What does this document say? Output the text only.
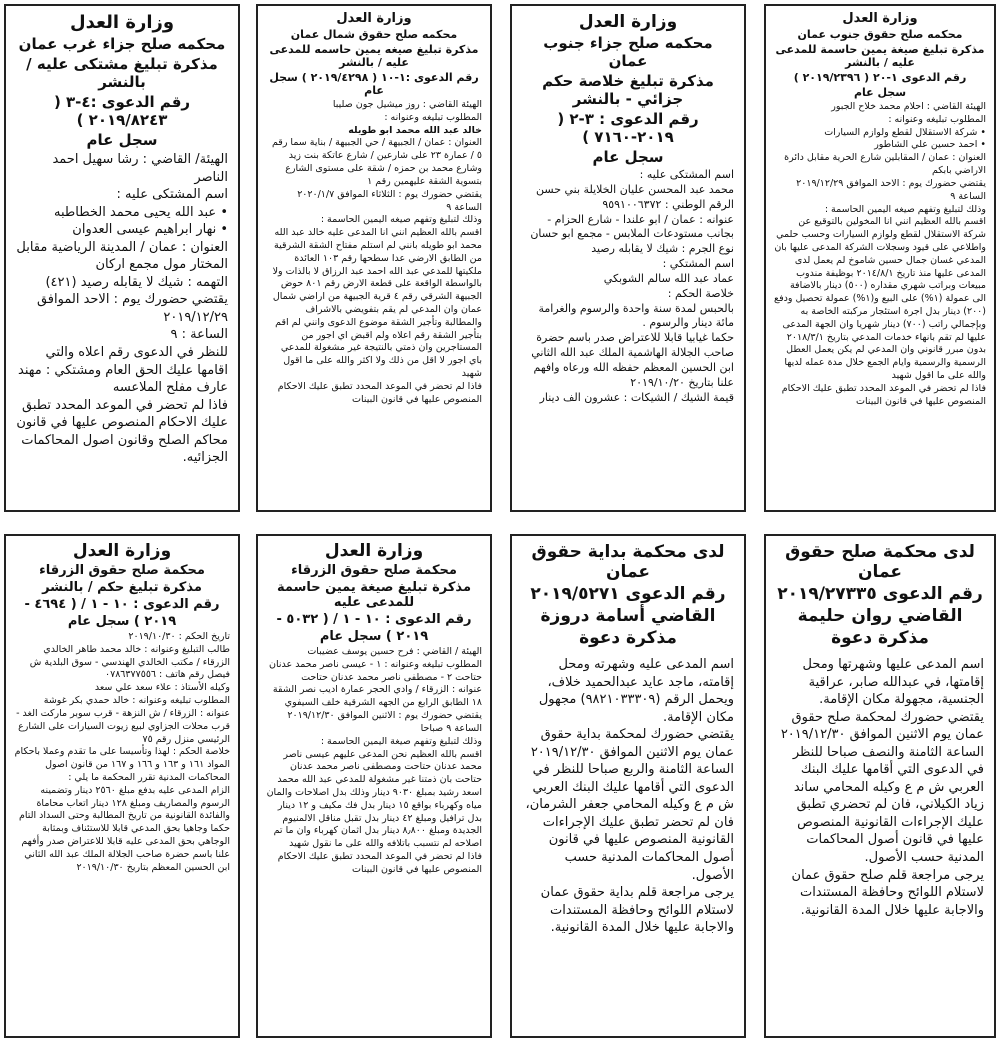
وزارة العدل
محكمه صلح جزاء غرب عمان
مذكرة تبليغ مشتكى عليه / بالنشر
رقم الدعوى :٤-٣ ( ٢٠١٩/٨٢٤٣ )
سجل عام

الهيئة/ القاضي : رشا سهيل احمد الناصر

اسم المشتكى عليه :

• عبد الله يحيى محمد الخطاطبه

• نهار ابراهيم عيسى العدوان

العنوان : عمان / المدينة الرياضية مقابل المختار مول مجمع اركان

التهمه : شيك لا يقابله رصيد (٤٢١)

يقتضي حضورك يوم : الاحد الموافق ٢٠١٩/١٢/٢٩

الساعة : ٩

للنظر في الدعوى رقم اعلاه والتي اقامها عليك الحق العام ومشتكي : مهند عارف مفلح الملاعسه

فاذا لم تحضر في الموعد المحدد تطبق عليك الاحكام المنصوص عليها في قانون محاكم الصلح وقانون اصول المحاكمات الجزائيه.

وزارة العدل
محكمه صلح حقوق شمال عمان
مذكرة تبليغ صيغه يمين حاسمه للمدعى عليه / بالنشر
رقم الدعوى :١-١٠ ( ٢٠١٩/٤٢٩٨ ) سجل عام

الهيئة القاضي : روز ميشيل جون صليبا

المطلوب تبليغه وعنوانه :

خالد عبد الله محمد ابو طويله

العنوان : عمان / الجبيهة / حي الجبيهة / بناية سما رقم ٥ / عمارة ٢٣ على شارعين / شارع عاتكة بنت زيد وشارع محمد بن حمزه / شقة على مستوى الشارع بتسوية الشقة عليهمين رقم ١

يقتضي حضورك يوم : الثلاثاء الموافق ٢٠٢٠/١/٧

الساعة ٩

وذلك لتبليغ وتفهم صيغه اليمين الحاسمة :

اقسم بالله العظيم انني انا المدعى عليه خالد عبد الله محمد ابو طويله بانني لم استلم مفتاح الشقة الشرقية من الطابق الارضي عدا سطحها رقم ١٠٣ العائدة ملكيتها للمدعي عبد الله احمد عبد الرزاق لا بالذات ولا بالواسطة الواقعة على قطعة الارض رقم ٨٠١ حوض الجبيهة الشرقي رقم ٤ قرية الجبيهة من اراضي شمال عمان وان المدعي لم يقم بتفويضي بالاشراف والمطالبة وتأجير الشقة موضوع الدعوى وانني لم اقم بتأجير الشقة رقم اعلاه ولم اقبض اي اجور من المستاجرين وان ذمتي بالنتيجة غير مشغولة للمدعي باي اجور لا اقل من ذلك ولا اكثر والله على ما اقول شهيد

فاذا لم تحضر في الموعد المحدد تطبق عليك الاحكام المنصوص عليها في قانون البينات

وزارة العدل
محكمه صلح جزاء جنوب عمان
مذكرة تبليغ خلاصة حكم جزائي - بالنشر
رقم الدعوى : ٣-٢ ( ٢٠١٩-٧١٦٠ )
سجل عام

اسم المشتكى عليه :

محمد عبد المحسن عليان الخلايلة بني حسن

الرقم الوطني : ٩٥٩١٠٠٦٣٧٢

عنوانه : عمان / ابو علندا - شارع الحزام - بجانب مستودعات الملابس - مجمع ابو حسان

نوع الجرم : شيك لا يقابله رصيد

اسم المشتكي :

عماد عبد الله سالم الشوبكي

خلاصة الحكم :

بالحبس لمدة سنة واحدة والرسوم والغرامة مائة دينار والرسوم .

حكما غيابيا قابلا للاعتراض صدر باسم حضرة صاحب الجلالة الهاشمية الملك عبد الله الثاني ابن الحسين المعظم حفظه الله ورعاه وافهم علنا بتاريخ ٢٠١٩/١٠/٢٠

قيمة الشيك / الشيكات : عشرون الف دينار

وزارة العدل
محكمه صلح حقوق جنوب عمان
مذكرة تبليغ صيغة يمين حاسمة للمدعى عليه / بالنشر
رقم الدعوى ١-٢٠ ( ٢٠١٩/٢٣٩٦ )
سجل عام

الهيئة القاضي : احلام محمد خلاح الجبور

المطلوب تبليغه وعنوانه :

• شركة الاستقلال لقطع ولوازم السيارات

• احمد حسين علي الشاطور

العنوان : عمان / المقابلين شارع الحرية مقابل دائرة الاراضي بابكم

يقتضي حضورك يوم : الاحد الموافق ٢٠١٩/١٢/٢٩

الساعة ٩

وذلك لتبليغ وتفهم صيغه اليمين الحاسمة :

اقسم بالله العظيم انني انا المخولين بالتوقيع عن شركة الاستقلال لقطع ولوازم السيارات وحسب حلمي واطلاعي على قيود وسجلات الشركة المدعى عليها بان المدعي غسان جمال حسين شاموخ لم يعمل لدى المدعى عليها منذ تاريخ ٢٠١٤/٨/١ بوظيفة مندوب مبيعات وبراتب شهري مقداره (٥٠٠) دينار بالاضافة الى عمولة (١%) على البيع و(١%) عمولة تحصيل ودفع (٢٠٠) دينار بدل اجرة استئجار مركبته الخاصة به وبإجمالي راتب (٧٠٠) دينار شهريا وان الجهة المدعى عليها لم تقم بانهاء خدمات المدعي بتاريخ ٢٠١٨/٣/١ بدون مبرر قانوني وان المدعي لم يكن يعمل العطل الرسمية والرسمية وايام الجمع خلال مدة عمله لديها والله على ما اقول شهيد

فاذا لم تحضر في الموعد المحدد تطبق عليك الاحكام المنصوص عليها في قانون البينات

وزارة العدل
محكمة صلح حقوق الزرقاء
مذكرة تبليغ حكم / بالنشر
رقم الدعوى : ١٠ - ١ / ( ٤٦٩٤ -
٢٠١٩ ) سجل عام

تاريخ الحكم : ٢٠١٩/١٠/٣٠

طالب التبليغ وعنوانه : خالد محمد طاهر الخالدي

الزرقاء / مكتب الخالدي الهندسي - سوق البلدية ش فيصل رقم هاتف : ٠٧٨٦٣٧٧٥٥٦

وكيله الأستاذ : علاء سعد علي سعد

المطلوب تبليغه وعنوانه : خالد حمدي بكر غوشة

عنوانه : الزرقاء / ش النزهة - قرب سوبر ماركت الغد - قرب محلات الجزاوي لبيع زيوت السيارات على الشارع الرئيسي منزل رقم ٧٥

خلاصة الحكم : لهذا وتأسيسا على ما تقدم وعملا باحكام المواد ١٦١ و ١٦٣ و ١٦٦ و ١٦٧ من قانون اصول المحاكمات المدنية تقرر المحكمة ما يلي :

الزام المدعى عليه بدفع مبلغ ٢٥٦٠ دينار وتضمينه الرسوم والمصاريف ومبلغ ١٢٨ دينار اتعاب محاماة والفائدة القانونية من تاريخ المطالبة وحتى السداد التام

حكما وجاهيا بحق المدعي قابلا للاستئناف وبمثابة الوجاهي بحق المدعى عليه قابلا للاعتراض صدر وأفهم علنا باسم حضرة صاحب الجلالة الملك عبد الله الثاني ابن الحسين المعظم بتاريخ ٢٠١٩/١٠/٣٠

وزارة العدل
محكمة صلح حقوق الزرقاء
مذكرة تبليغ صيغة يمين حاسمة للمدعى عليه
رقم الدعوى : ١٠ - ١ / ( ٥٠٣٢ -
٢٠١٩ ) سجل عام

الهيئة / القاضي : فرح حسين يوسف عضيبات

المطلوب تبليغه وعنوانه : ١ - عيسى ناصر محمد عدنان حتاحت ٢ - مصطفى ناصر محمد عدنان حتاحت

عنوانه : الزرقاء / وادي الحجر عمارة اديب نصر الشقة ١٨ الطابق الرابع من الجهه الشرقية خلف السيفوي

يقتضي حضورك يوم : الاثنين الموافق ٢٠١٩/١٢/٣٠ الساعة ٩ صباحا

وذلك لتبليغ وتفهم صيغة اليمين الحاسمة :

اقسم بالله العظيم نحن المدعى عليهم عيسى ناصر محمد عدنان حتاحت ومصطفى ناصر محمد عدنان حتاحت بان ذمتنا غير مشغولة للمدعي عبد الله محمد اسعد رشيد بمبلغ ٩٠٣٠ دينار وذلك بدل اصلاحات والمان مياه وكهرباء بواقع ١٥ دينار بدل فك مكيف و ١٢ دينار بدل ترافيل ومبلغ ٤٢ دينار بدل تقبل مناقل الالمنيوم الجديدة ومبلغ ٨٫٨٠٠ دينار بدل اثمان كهرباء وان ما تم اصلاحه لم نتسبب باتلافه والله على ما نقول شهيد

فاذا لم تحضر في الموعد المحدد تطبق عليك الاحكام المنصوص عليها في قانون البينات

لدى محكمة بداية حقوق عمان
رقم الدعوى ٢٠١٩/٥٢٧١
القاضي أسامة دروزة
مذكرة دعوة

اسم المدعى عليه وشهرته ومحل إقامته، ماجد عايد عبدالحميد خلاف، ويحمل الرقم (٩٨٢١٠٣٣٣٠٩) مجهول مكان الإقامة.

يقتضي حضورك لمحكمة بداية حقوق عمان يوم الاثنين الموافق ٢٠١٩/١٢/٣٠ الساعة الثامنة والربع صباحا للنظر في الدعوى التي أقامها عليك البنك العربي ش م ع وكيله المحامي جعفر الشرمان، فان لم تحضر تطبق عليك الإجراءات القانونية المنصوص عليها في قانون أصول المحاكمات المدنية حسب الأصول.

يرجى مراجعة قلم بداية حقوق عمان لاستلام اللوائح وحافظة المستندات والاجابة عليها خلال المدة القانونية.

لدى محكمة صلح حقوق عمان
رقم الدعوى ٢٠١٩/٢٧٣٣٥
القاضي روان حليمة
مذكرة دعوة

اسم المدعى عليها وشهرتها ومحل إقامتها، في عبدالله صابر، عراقية الجنسية، مجهولة مكان الإقامة.

يقتضي حضورك لمحكمة صلح حقوق عمان يوم الاثنين الموافق ٢٠١٩/١٢/٣٠ الساعة الثامنة والنصف صباحا للنظر في الدعوى التي أقامها عليك البنك العربي ش م ع وكيله المحامي ساند زياد الكيلاني، فان لم تحضري تطبق عليك الإجراءات القانونية المنصوص عليها في قانون أصول المحاكمات المدنية حسب الأصول.

يرجى مراجعة قلم صلح حقوق عمان لاستلام اللوائح وحافظة المستندات والاجابة عليها خلال المدة القانونية.
